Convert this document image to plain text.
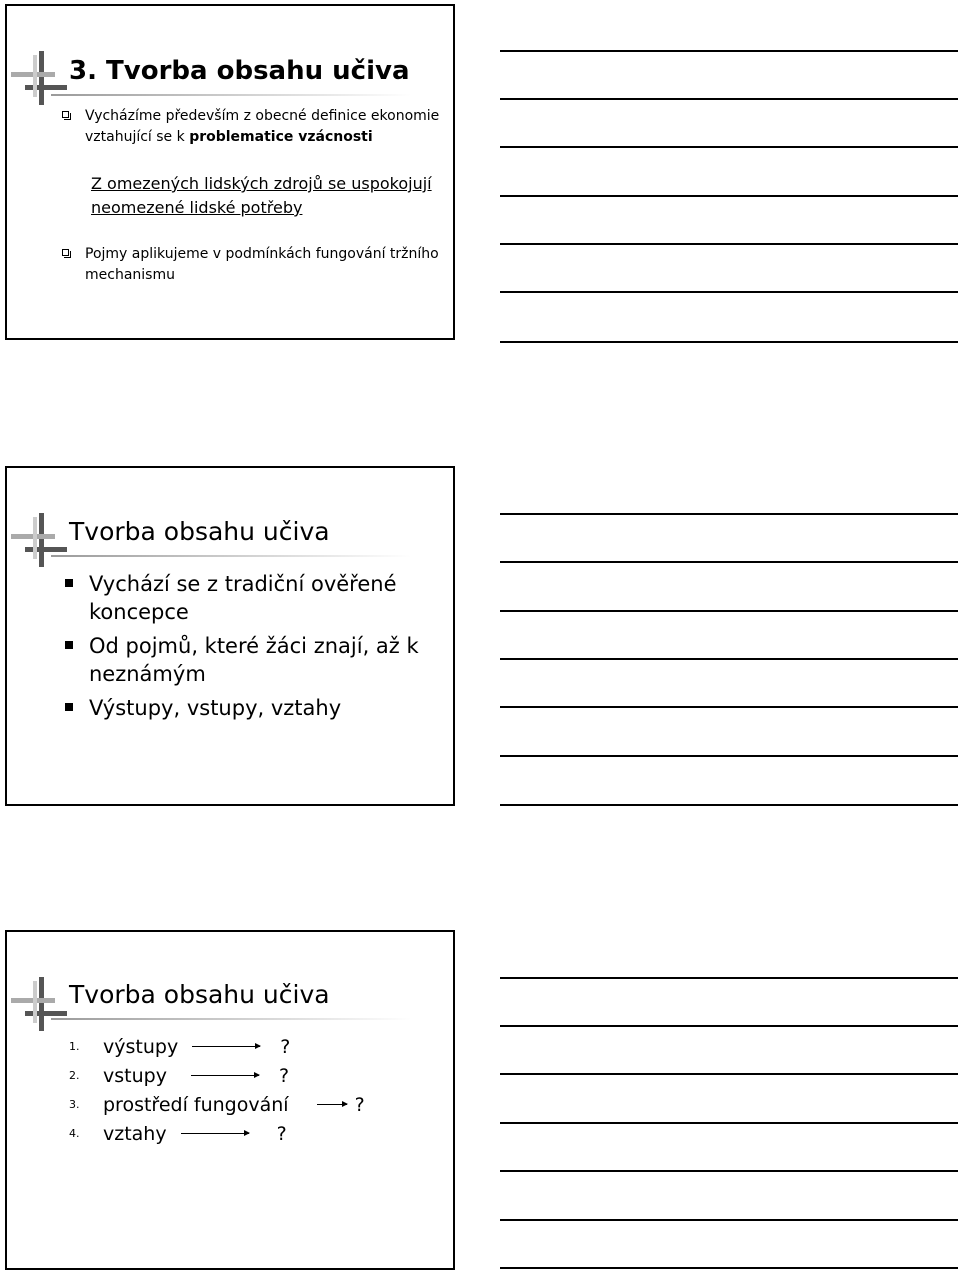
3. Tvorba obsahu učiva
Vycházíme především z obecné definice ekonomie
vztahující se k problematice vzácnosti

Z omezených lidských zdrojů se uspokojují
neomezené lidské potřeby

Pojmy aplikujeme v podmínkách fungování tržního
mechanismu
Tvorba obsahu učiva
Vychází se z tradiční ověřené
koncepce
Od pojmů, které žáci znají, až k
neznámým
Výstupy, vstupy, vztahy
Tvorba obsahu učiva
1.	výstupy	?
2.	vstupy	?
3.	prostředí fungování	?
4.	vztahy	?
